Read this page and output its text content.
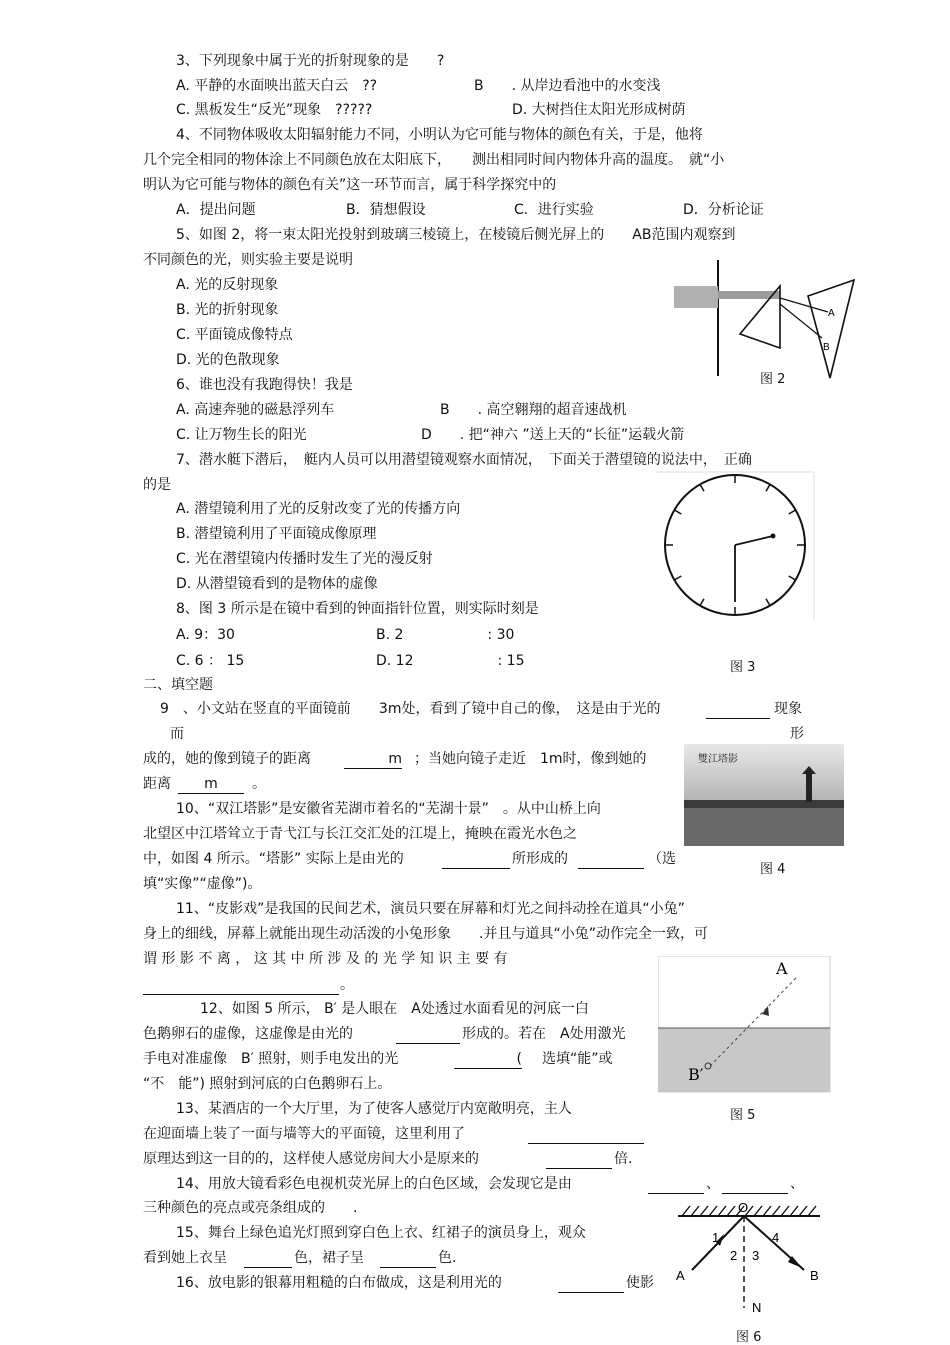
3、下列现象中属于光的折射现象的是　　?
A. 平静的水面映出蓝天白云　??	B　　. 从岸边看池中的水变浅
C. 黑板发生“反光”现象　?????	D. 大树挡住太阳光形成树荫
4、不同物体吸收太阳辐射能力不同，小明认为它可能与物体的颜色有关，于是，他将
几个完全相同的物体涂上不同颜色放在太阳底下，　　测出相同时间内物体升高的温度。　就“小
明认为它可能与物体的颜色有关”这一环节而言，属于科学探究中的
A．提出问题	B．猜想假设	C．进行实验	D．分析论证
5、如图 2，将一束太阳光投射到玻璃三棱镜上，在棱镜后侧光屏上的　　AB范围内观察到
不同颜色的光，则实验主要是说明
A. 光的反射现象
B. 光的折射现象
C. 平面镜成像特点
D. 光的色散现象
A
B
图 2
6、谁也没有我跑得快！我是
A. 高速奔驰的磁悬浮列车	B　　. 高空翱翔的超音速战机
C. 让万物生长的阳光	D　　. 把“神六 ”送上天的“长征”运载火箭
7、潜水艇下潜后，　艇内人员可以用潜望镜观察水面情况，　下面关于潜望镜的说法中，　正确
的是
A. 潜望镜利用了光的反射改变了光的传播方向
B. 潜望镜利用了平面镜成像原理
C. 光在潜望镜内传播时发生了光的漫反射
D. 从潜望镜看到的是物体的虚像
8、图 3 所示是在镜中看到的钟面指针位置，则实际时刻是
A. 9：30	B. 2　　　　　　: 30
C. 6 ： 15	D. 12　　　　　　: 15	图 3
二、填空题
9　、小文站在竖直的平面镜前　　3m处，看到了镜中自己的像，　这是由于光的
	现象
而	形
成的，她的像到镜子的距离	m ；当她向镜子走近　1m时，像到她的
距离	m	。
雙江塔影
图 4
10、“双江塔影”是安徽省芜湖市着名的“芜湖十景”　。从中山桥上向
北望区中江塔耸立于青弋江与长江交汇处的江堤上，掩映在霞光水色之
中，如图 4 所示。“塔影” 实际上是由光的
	所形成的
	（选
填“实像”“虚像”)。
11、“皮影戏”是我国的民间艺术，演员只要在屏幕和灯光之间抖动拴在道具“小兔”
身上的细线，屏幕上就能出现生动活泼的小兔形象　　.并且与道具“小兔”动作完全一致，可
谓 形 影 不 离 ， 这 其 中 所 涉 及 的 光 学 知 识 主 要 有

。
A
B′
图 5
12、如图 5 所示， B′ 是人眼在　A处透过水面看见的河底一白
色鹅卵石的虚像，这虚像是由光的
	形成的。若在　A处用激光
手电对准虚像　B′ 照射，则手电发出的光	( 选填“能”或
“不　能”) 照射到河底的白色鹅卵石上。
13、某酒店的一个大厅里，为了使客人感觉厅内宽敞明亮，主人
在迎面墙上装了一面与墙等大的平面镜，这里利用了

原理达到这一目的的，这样使人感觉房间大小是原来的
	倍.
14、用放大镜看彩色电视机荧光屏上的白色区域，会发现它是由
	、
	、
三种颜色的亮点或亮条组成的　　.
15、舞台上绿色追光灯照到穿白色上衣、红裙子的演员身上，观众
看到她上衣呈
	色，裙子呈
	色.
16、放电影的银幕用粗糙的白布做成，这是利用光的
	使影
O
A	B
N
1
2 3
4
图 6
